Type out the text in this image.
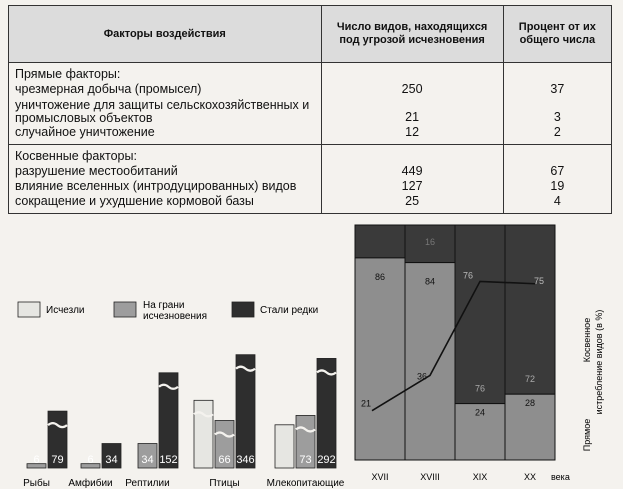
Факторы воздействия	Число видов, находящихся под угрозой исчезновения	Процент от их общего числа
Прямые факторы:		
чрезмерная добыча (промысел)	250	37
уничтожение для защиты сельскохозяйственных и промысловых объектов	21	3
случайное уничтожение	12	2
Косвенные факторы:		
разрушение местообитаний	449	67
влияние вселенных (интродуцированных) видов	127	19
сокращение и ухудшение кормовой базы	25	4
Исчезли	На грани исчезновения
Стали редки
6 79 6 34 34 152	66 346	73 292
Рыбы Амфибии Рептилии	Птицы	Млекопитающие
86	84
16
24
76
28
72
21
36
76
75
XVII	XVIII	XIX	XX века
Косвенное истребление видов (в %)
Прямое
